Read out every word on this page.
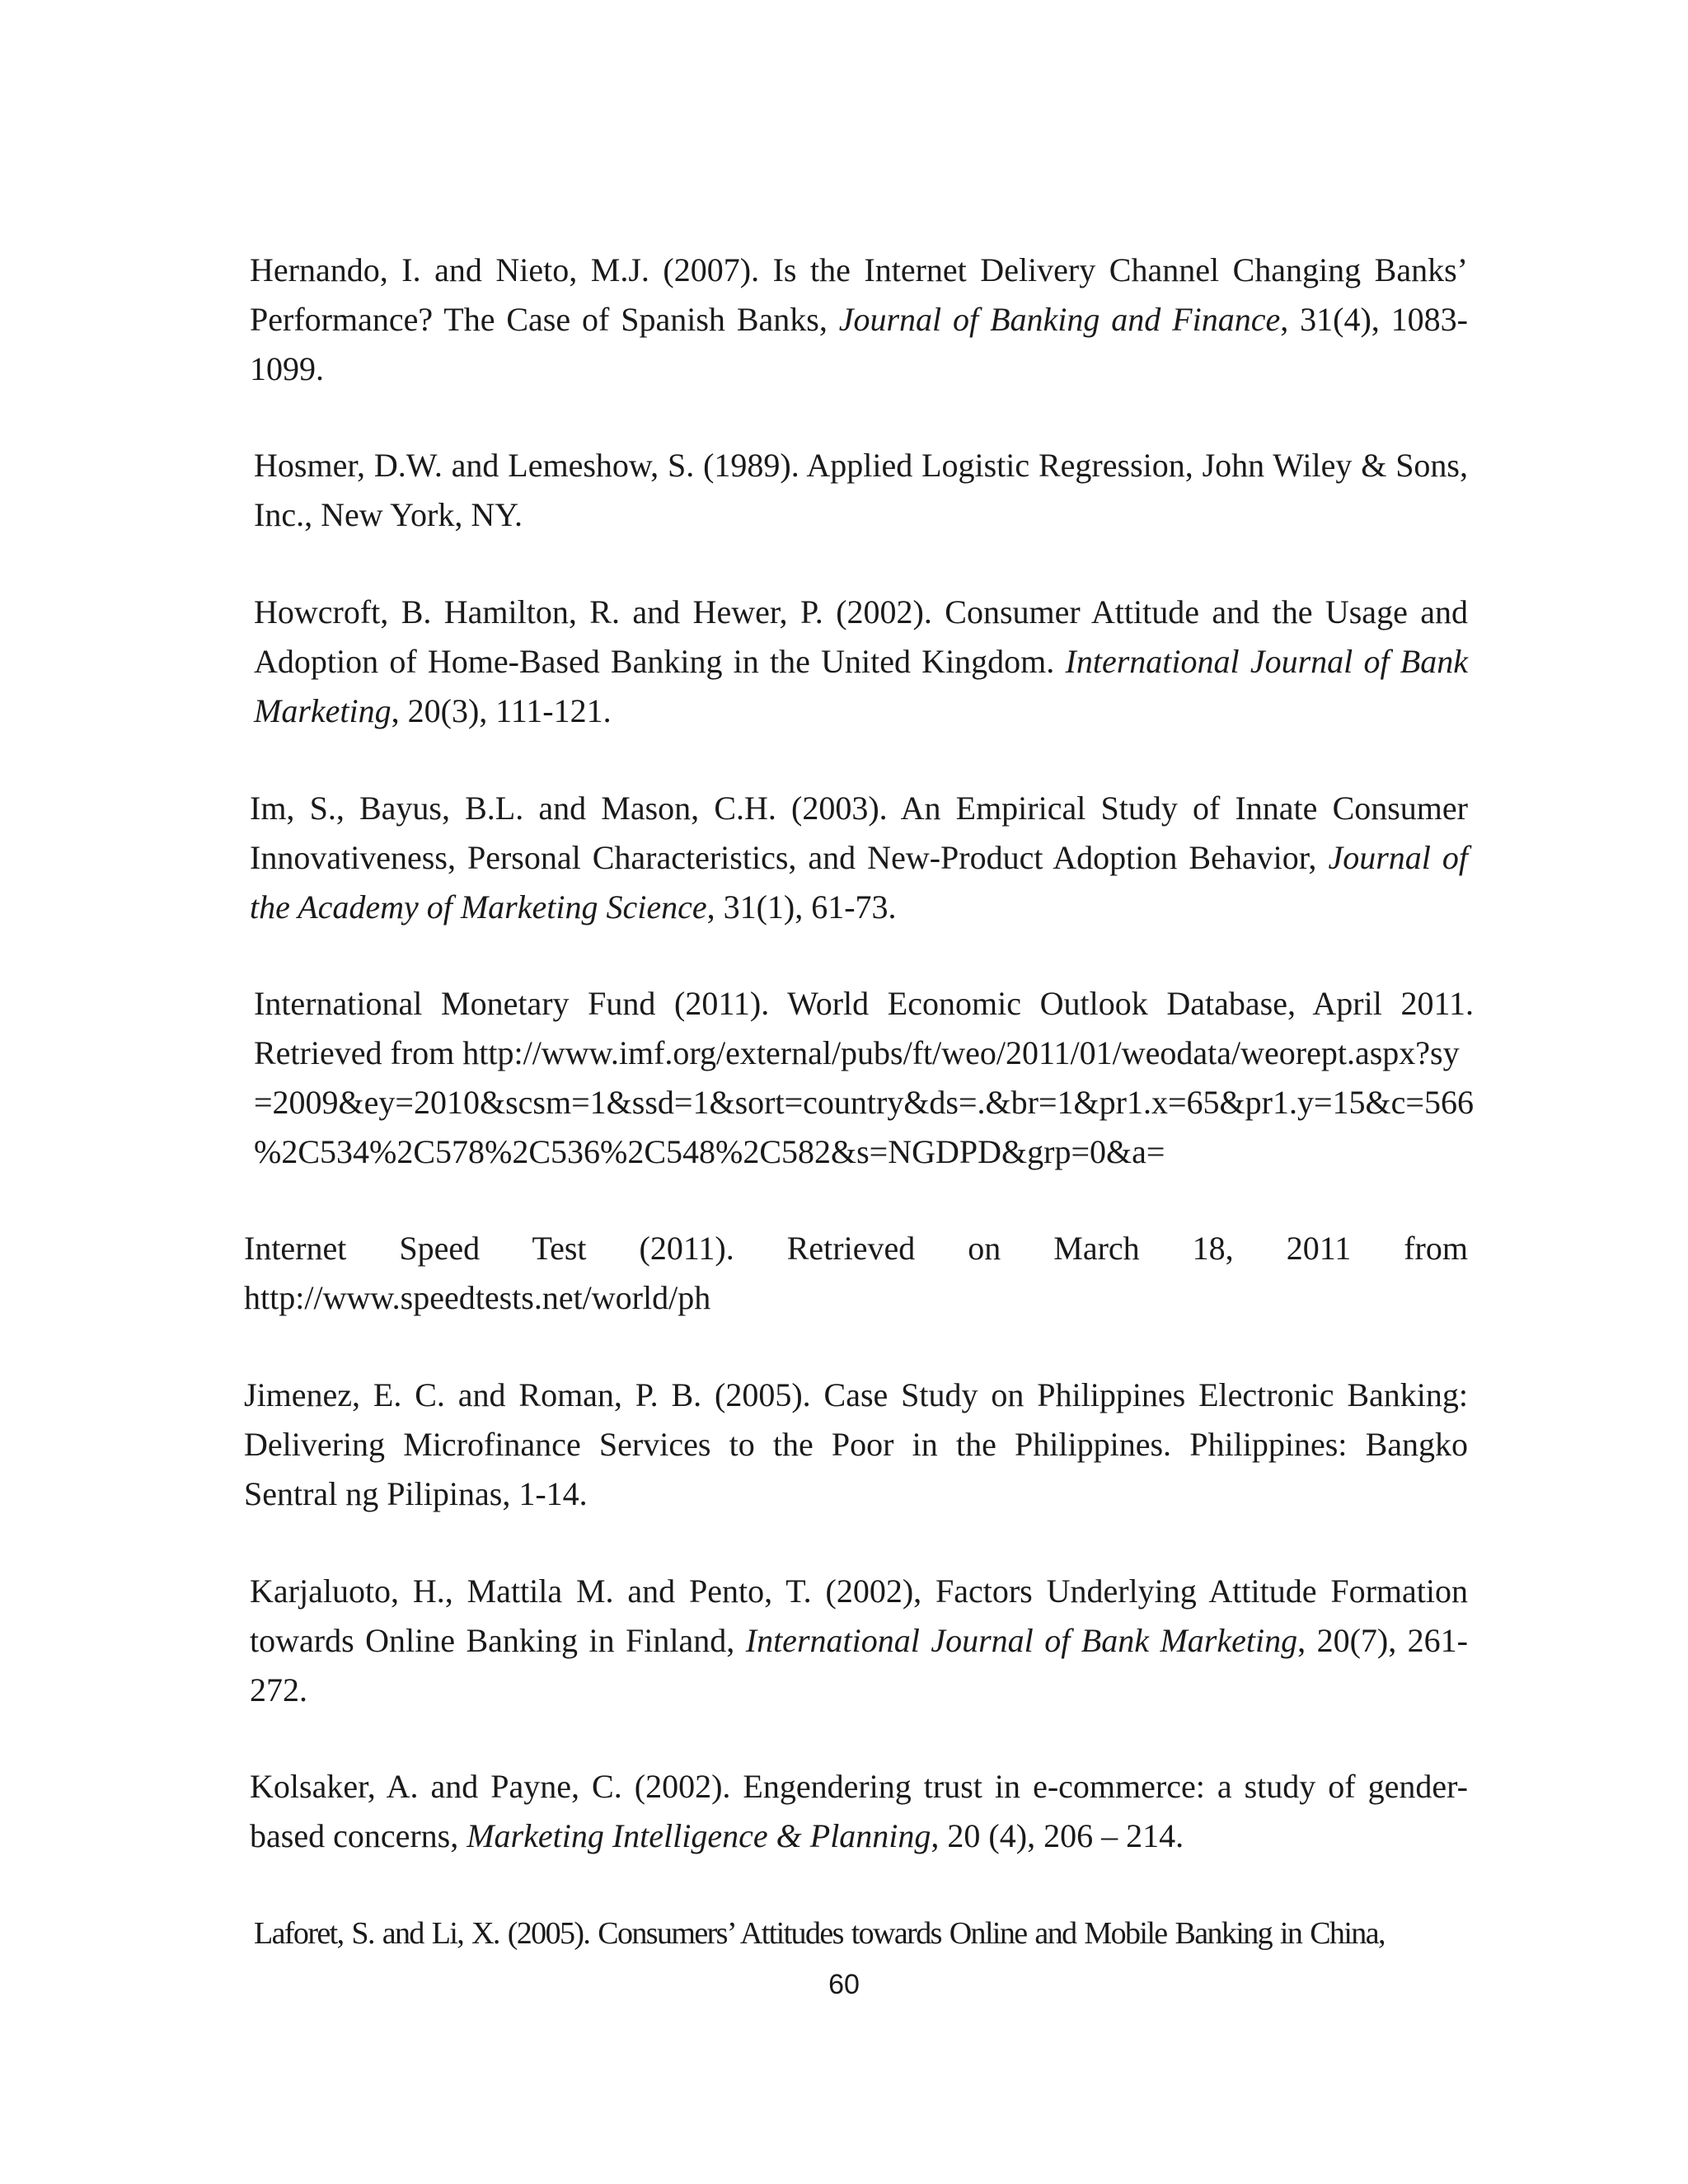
Hernando, I. and Nieto, M.J. (2007). Is the Internet Delivery Channel Changing Banks’ Performance? The Case of Spanish Banks, Journal of Banking and Finance, 31(4), 1083-1099.

Hosmer, D.W. and Lemeshow, S. (1989). Applied Logistic Regression, John Wiley & Sons, Inc., New York, NY.

Howcroft, B. Hamilton, R. and Hewer, P. (2002). Consumer Attitude and the Usage and Adoption of Home-Based Banking in the United Kingdom. International Journal of Bank Marketing, 20(3), 111-121.

Im, S., Bayus, B.L. and Mason, C.H. (2003). An Empirical Study of Innate Consumer Innovativeness, Personal Characteristics, and New-Product Adoption Behavior, Journal of the Academy of Marketing Science, 31(1), 61-73.

International Monetary Fund (2011). World Economic Outlook Database, April 2011.
Retrieved from http://www.imf.org/external/pubs/ft/weo/2011/01/weodata/weorept.aspx?sy
=2009&ey=2010&scsm=1&ssd=1&sort=country&ds=.&br=1&pr1.x=65&pr1.y=15&c=566
%2C534%2C578%2C536%2C548%2C582&s=NGDPD&grp=0&a=
Internet Speed Test (2011). Retrieved on March 18, 2011 from
http://www.speedtests.net/world/ph

Jimenez, E. C. and Roman, P. B. (2005). Case Study on Philippines Electronic Banking: Delivering Microfinance Services to the Poor in the Philippines. Philippines: Bangko Sentral ng Pilipinas, 1-14.

Karjaluoto, H., Mattila M. and Pento, T. (2002), Factors Underlying Attitude Formation towards Online Banking in Finland, International Journal of Bank Marketing, 20(7), 261-272.

Kolsaker, A. and Payne, C. (2002). Engendering trust in e-commerce: a study of gender-based concerns, Marketing Intelligence & Planning, 20 (4), 206 – 214.

Laforet, S. and Li, X. (2005). Consumers’ Attitudes towards Online and Mobile Banking in China,

60
